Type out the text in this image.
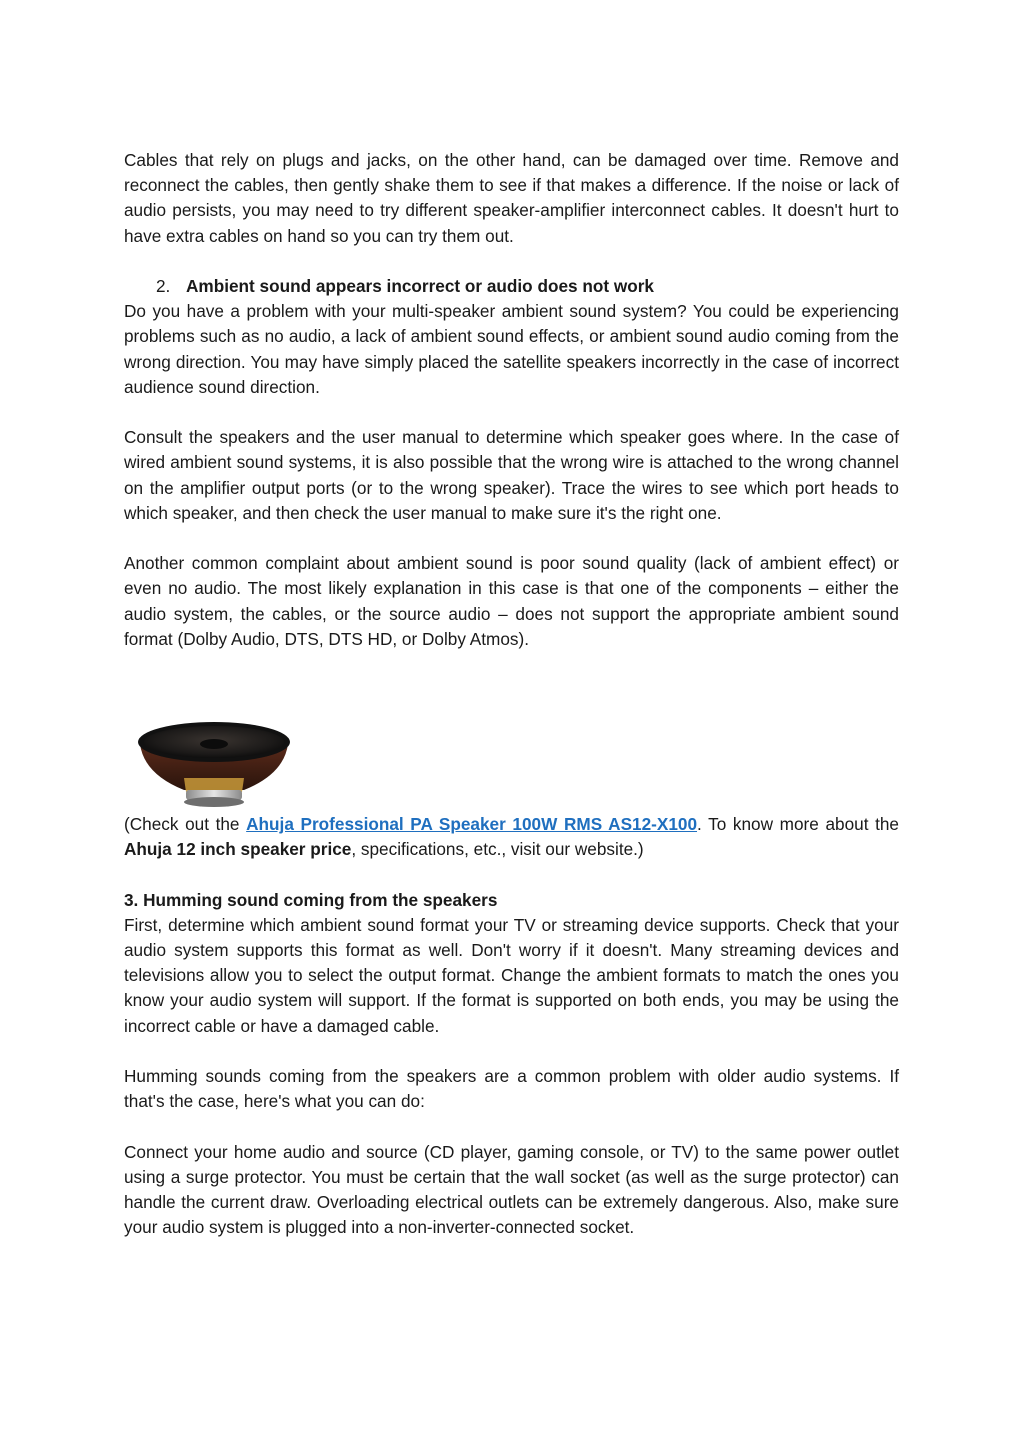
Cables that rely on plugs and jacks, on the other hand, can be damaged over time. Remove and reconnect the cables, then gently shake them to see if that makes a difference. If the noise or lack of audio persists, you may need to try different speaker-amplifier interconnect cables. It doesn't hurt to have extra cables on hand so you can try them out.

2. Ambient sound appears incorrect or audio does not work

Do you have a problem with your multi-speaker ambient sound system? You could be experiencing problems such as no audio, a lack of ambient sound effects, or ambient sound audio coming from the wrong direction. You may have simply placed the satellite speakers incorrectly in the case of incorrect audience sound direction.

Consult the speakers and the user manual to determine which speaker goes where. In the case of wired ambient sound systems, it is also possible that the wrong wire is attached to the wrong channel on the amplifier output ports (or to the wrong speaker). Trace the wires to see which port heads to which speaker, and then check the user manual to make sure it's the right one.

Another common complaint about ambient sound is poor sound quality (lack of ambient effect) or even no audio. The most likely explanation in this case is that one of the components – either the audio system, the cables, or the source audio – does not support the appropriate ambient sound format (Dolby Audio, DTS, DTS HD, or Dolby Atmos).

(Check out the Ahuja Professional PA Speaker 100W RMS AS12-X100. To know more about the Ahuja 12 inch speaker price, specifications, etc., visit our website.)

3. Humming sound coming from the speakers

First, determine which ambient sound format your TV or streaming device supports. Check that your audio system supports this format as well. Don't worry if it doesn't. Many streaming devices and televisions allow you to select the output format. Change the ambient formats to match the ones you know your audio system will support. If the format is supported on both ends, you may be using the incorrect cable or have a damaged cable.

Humming sounds coming from the speakers are a common problem with older audio systems. If that's the case, here's what you can do:

Connect your home audio and source (CD player, gaming console, or TV) to the same power outlet using a surge protector. You must be certain that the wall socket (as well as the surge protector) can handle the current draw. Overloading electrical outlets can be extremely dangerous. Also, make sure your audio system is plugged into a non-inverter-connected socket.
